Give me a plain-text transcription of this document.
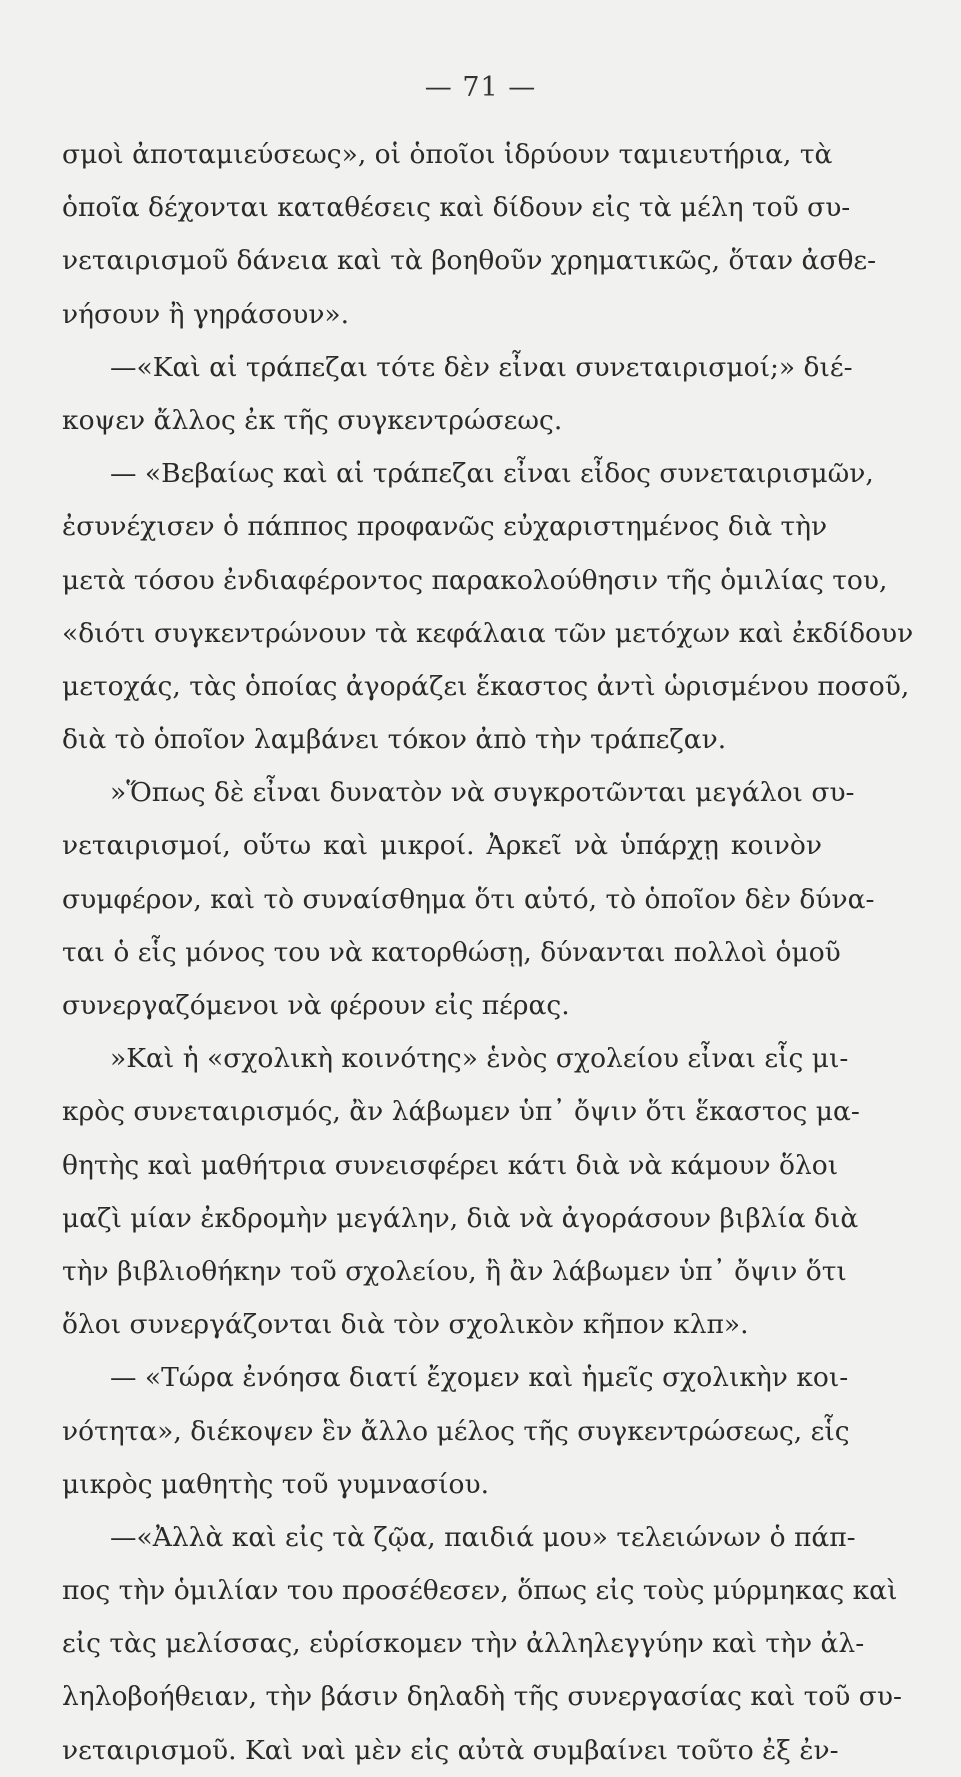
— 71 —
σμοὶ ἀποταμιεύσεως», οἱ ὁποῖοι ἱδρύουν ταμιευτήρια, τὰ
ὁποῖα δέχονται καταθέσεις καὶ δίδουν εἰς τὰ μέλη τοῦ συ-
νεταιρισμοῦ δάνεια καὶ τὰ βοηθοῦν χρηματικῶς, ὅταν ἀσθε-
νήσουν ἢ γηράσουν».
—«Καὶ αἱ τράπεζαι τότε δὲν εἶναι συνεταιρισμοί;» διέ-
κοψεν ἄλλος ἐκ τῆς συγκεντρώσεως.
— «Βεβαίως καὶ αἱ τράπεζαι εἶναι εἶδος συνεταιρισμῶν,
ἐσυνέχισεν ὁ πάππος προφανῶς εὐχαριστημένος διὰ τὴν
μετὰ τόσου ἐνδιαφέροντος παρακολούθησιν τῆς ὁμιλίας του,
«διότι συγκεντρώνουν τὰ κεφάλαια τῶν μετόχων καὶ ἐκδίδουν
μετοχάς, τὰς ὁποίας ἀγοράζει ἕκαστος ἀντὶ ὡρισμένου ποσοῦ,
διὰ τὸ ὁποῖον λαμβάνει τόκον ἀπὸ τὴν τράπεζαν.
»Ὅπως δὲ εἶναι δυνατὸν νὰ συγκροτῶνται μεγάλοι συ-
νεταιρισμοί, οὕτω καὶ μικροί. Ἀρκεῖ νὰ ὑπάρχῃ κοινὸν
συμφέρον, καὶ τὸ συναίσθημα ὅτι αὐτό, τὸ ὁποῖον δὲν δύνα-
ται ὁ εἷς μόνος του νὰ κατορθώσῃ, δύνανται πολλοὶ ὁμοῦ
συνεργαζόμενοι νὰ φέρουν εἰς πέρας.
»Καὶ ἡ «σχολικὴ κοινότης» ἑνὸς σχολείου εἶναι εἷς μι-
κρὸς συνεταιρισμός, ἂν λάβωμεν ὑπ᾽ ὄψιν ὅτι ἕκαστος μα-
θητὴς καὶ μαθήτρια συνεισφέρει κάτι διὰ νὰ κάμουν ὅλοι
μαζὶ μίαν ἐκδρομὴν μεγάλην, διὰ νὰ ἀγοράσουν βιβλία διὰ
τὴν βιβλιοθήκην τοῦ σχολείου, ἢ ἂν λάβωμεν ὑπ᾽ ὄψιν ὅτι
ὅλοι συνεργάζονται διὰ τὸν σχολικὸν κῆπον κλπ».
— «Τώρα ἐνόησα διατί ἔχομεν καὶ ἡμεῖς σχολικὴν κοι-
νότητα», διέκοψεν ἓν ἄλλο μέλος τῆς συγκεντρώσεως, εἷς
μικρὸς μαθητὴς τοῦ γυμνασίου.
—«Ἀλλὰ καὶ εἰς τὰ ζῷα, παιδιά μου» τελειώνων ὁ πάπ-
πος τὴν ὁμιλίαν του προσέθεσεν, ὅπως εἰς τοὺς μύρμηκας καὶ
εἰς τὰς μελίσσας, εὑρίσκομεν τὴν ἀλληλεγγύην καὶ τὴν ἀλ-
ληλοβοήθειαν, τὴν βάσιν δηλαδὴ τῆς συνεργασίας καὶ τοῦ συ-
νεταιρισμοῦ. Καὶ ναὶ μὲν εἰς αὐτὰ συμβαίνει τοῦτο ἐξ ἐν-
